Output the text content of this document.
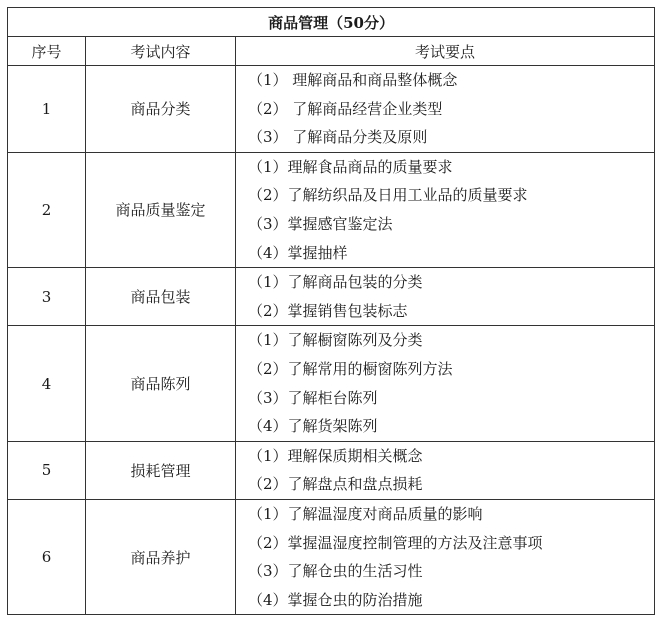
商品管理（50分）		
序号	考试内容	考试要点
1	商品分类	（1） 理解商品和商品整体概念
（2） 了解商品经营企业类型
（3） 了解商品分类及原则

2	商品质量鉴定	（1）理解食品商品的质量要求
（2）了解纺织品及日用工业品的质量要求
（3）掌握感官鉴定法
（4）掌握抽样

3	商品包装	（1）了解商品包装的分类
（2）掌握销售包装标志

4	商品陈列	（1）了解橱窗陈列及分类
（2）了解常用的橱窗陈列方法
（3）了解柜台陈列
（4）了解货架陈列

5	损耗管理	（1）理解保质期相关概念
（2）了解盘点和盘点损耗

6	商品养护	（1）了解温湿度对商品质量的影响
（2）掌握温湿度控制管理的方法及注意事项
（3）了解仓虫的生活习性
（4）掌握仓虫的防治措施
